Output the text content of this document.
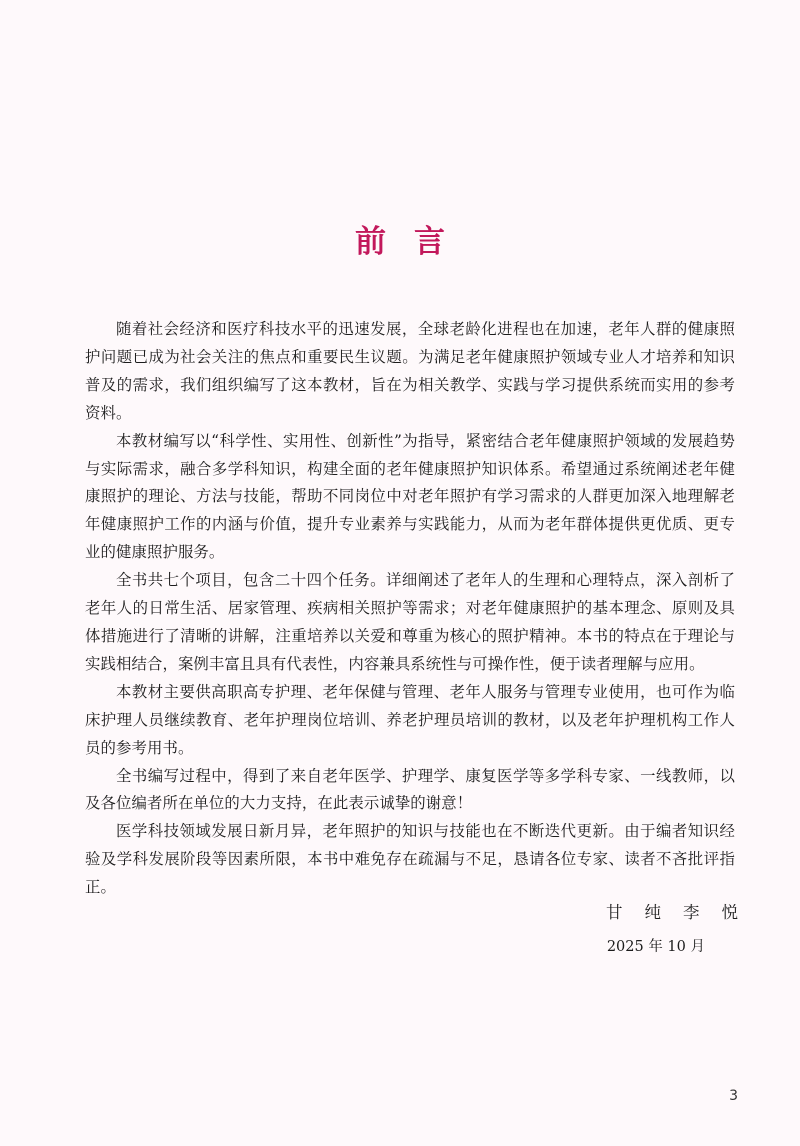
前言

随着社会经济和医疗科技水平的迅速发展，全球老龄化进程也在加速，老年人群的健康照护问题已成为社会关注的焦点和重要民生议题。为满足老年健康照护领域专业人才培养和知识普及的需求，我们组织编写了这本教材，旨在为相关教学、实践与学习提供系统而实用的参考资料。

本教材编写以“科学性、实用性、创新性”为指导，紧密结合老年健康照护领域的发展趋势与实际需求，融合多学科知识，构建全面的老年健康照护知识体系。希望通过系统阐述老年健康照护的理论、方法与技能，帮助不同岗位中对老年照护有学习需求的人群更加深入地理解老年健康照护工作的内涵与价值，提升专业素养与实践能力，从而为老年群体提供更优质、更专业的健康照护服务。

全书共七个项目，包含二十四个任务。详细阐述了老年人的生理和心理特点，深入剖析了老年人的日常生活、居家管理、疾病相关照护等需求；对老年健康照护的基本理念、原则及具体措施进行了清晰的讲解，注重培养以关爱和尊重为核心的照护精神。本书的特点在于理论与实践相结合，案例丰富且具有代表性，内容兼具系统性与可操作性，便于读者理解与应用。

本教材主要供高职高专护理、老年保健与管理、老年人服务与管理专业使用，也可作为临床护理人员继续教育、老年护理岗位培训、养老护理员培训的教材，以及老年护理机构工作人员的参考用书。

全书编写过程中，得到了来自老年医学、护理学、康复医学等多学科专家、一线教师，以及各位编者所在单位的大力支持，在此表示诚挚的谢意！

医学科技领域发展日新月异，老年照护的知识与技能也在不断迭代更新。由于编者知识经验及学科发展阶段等因素所限，本书中难免存在疏漏与不足，恳请各位专家、读者不吝批评指正。

甘纯李悦
2025 年 10 月
3
